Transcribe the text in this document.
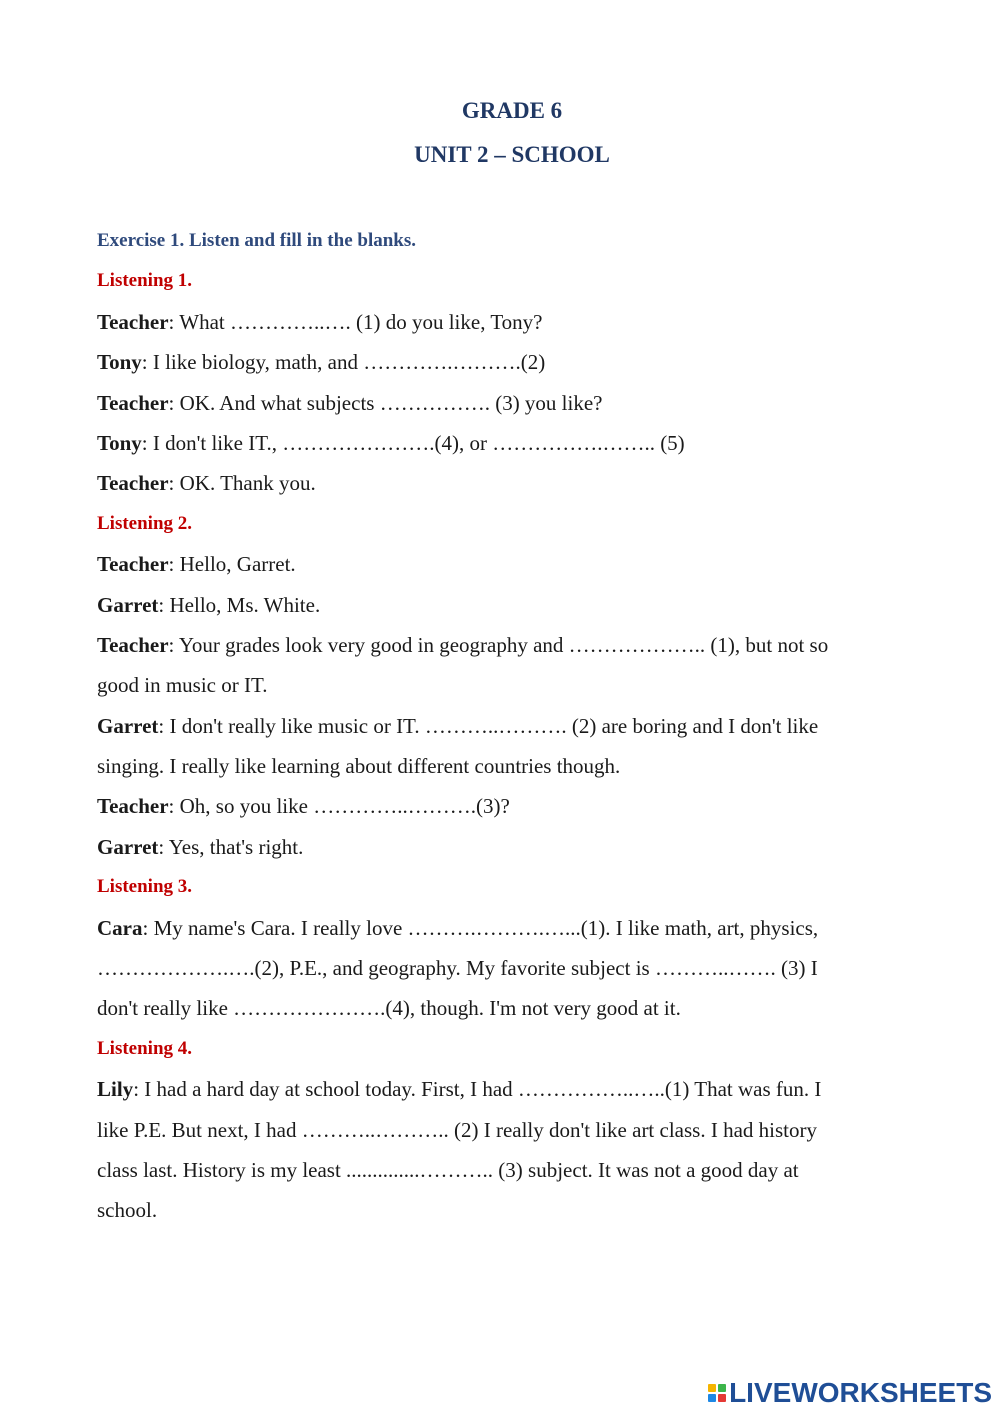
GRADE 6
UNIT 2 – SCHOOL
Exercise 1. Listen and fill in the blanks.
Listening 1.
Teacher: What …………..…. (1) do you like, Tony?
Tony: I like biology, math, and ………….……….(2)
Teacher: OK. And what subjects ……………. (3) you like?
Tony: I don't like IT., ………………….(4), or …………….…….. (5)
Teacher: OK. Thank you.
Listening 2.
Teacher: Hello, Garret.
Garret: Hello, Ms. White.
Teacher: Your grades look very good in geography and ……………….. (1), but not so
good in music or IT.
Garret: I don't really like music or IT. ………..………. (2) are boring and I don't like
singing. I really like learning about different countries though.
Teacher: Oh, so you like …………..……….(3)?
Garret: Yes, that's right.
Listening 3.
Cara: My name's Cara. I really love ……….……….…...(1). I like math, art, physics,
……………….….(2), P.E., and geography. My favorite subject is ………..……. (3) I
don't really like ………………….(4), though. I'm not very good at it.
Listening 4.
Lily: I had a hard day at school today. First, I had ……………..…..(1) That was fun. I
like P.E. But next, I had ………..……….. (2) I really don't like art class. I had history
class last. History is my least ..............……….. (3) subject. It was not a good day at
school.
LIVEWORKSHEETS
